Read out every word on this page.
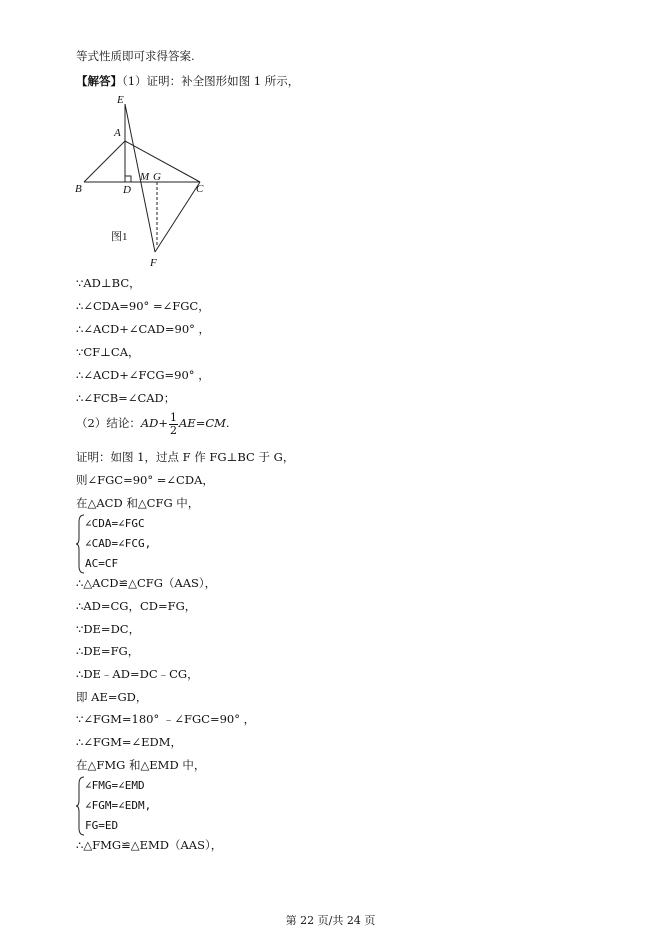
等式性质即可求得答案.
【解答】（1）证明：补全图形如图 1 所示，
E
A
B	D
M G
C
F
图1
∵AD⊥BC，
∴∠CDA=90° =∠FGC，
∴∠ACD+∠CAD=90° ，
∵CF⊥CA，
∴∠ACD+∠FCG=90° ，
∴∠FCB=∠CAD；
（2）结论：$AD+ \frac{1}{2} AE=CM$.
证明：如图 1，过点 F 作 FG⊥BC 于 G，
则∠FGC=90° =∠CDA，
在△ACD 和△CFG 中，
∠CDA=∠FGC
∠CAD=∠FCG,
AC=CF
∴△ACD≌△CFG（AAS），
∴AD=CG，CD=FG，
∵DE=DC，
∴DE=FG，
∴DE﹣AD=DC﹣CG，
即 AE=GD，
∵∠FGM=180° ﹣∠FGC=90° ，
∴∠FGM=∠EDM，
在△FMG 和△EMD 中，
∠FMG=∠EMD
∠FGM=∠EDM,
FG=ED
∴△FMG≌△EMD（AAS），
第 22 页/共 24 页
